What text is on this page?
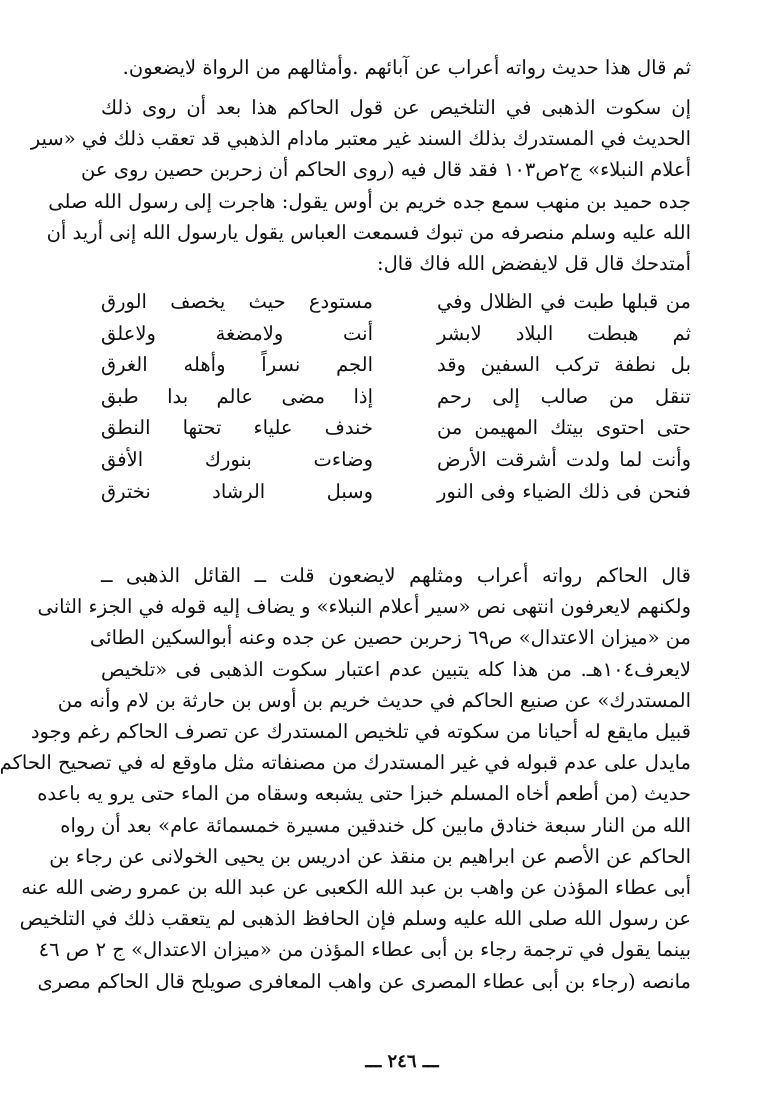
ثم قال هذا حديث رواته أعراب عن آبائهم .وأمثالهم من الرواة لايضعون.
إن سكوت الذهبى في التلخيص عن قول الحاكم هذا بعد أن روى ذلك
الحديث في المستدرك بذلك السند غير معتبر مادام الذهبي قد تعقب ذلك في «سير
أعلام النبلاء» ج٢ص١٠٣ فقد قال فيه (روى الحاكم أن زحربن حصين روى عن
جده حميد بن منهب سمع جده خريم بن أوس يقول: هاجرت إلى رسول الله صلى
الله عليه وسلم منصرفه من تبوك فسمعت العباس يقول يارسول الله إنى أريد أن
أمتدحك قال قل لايفضض الله فاك قال:
من قبلها طبت في الظلال وفي
مستودع حيث يخصف الورق
ثم هبطت البلاد لابشر
أنت ولامضغة ولاعلق
بل نطفة تركب السفين وقد
الجم نسراً وأهله الغرق
تنقل من صالب إلى رحم
إذا مضى عالم بدا طبق
حتى احتوى بيتك المهيمن من
خندف علياء تحتها النطق
وأنت لما ولدت أشرقت الأرض
وضاءت بنورك الأفق
فنحن فى ذلك الضياء وفى النور
وسبل الرشاد نخترق
قال الحاكم رواته أعراب ومثلهم لايضعون قلت ــ القائل الذهبى ــ
ولكنهم لايعرفون انتهى نص «سير أعلام النبلاء» و يضاف إليه قوله في الجزء الثانى
من «ميزان الاعتدال» ص٦٩ زحربن حصين عن جده وعنه أبوالسكين الطائى
لايعرف١٠٤هـ. من هذا كله يتبين عدم اعتبار سكوت الذهبى فى «تلخيص
المستدرك» عن صنيع الحاكم في حديث خريم بن أوس بن حارثة بن لام وأنه من
قبيل مايقع له أحيانا من سكوته في تلخيص المستدرك عن تصرف الحاكم رغم وجود
مايدل على عدم قبوله في غير المستدرك من مصنفاته مثل ماوقع له في تصحيح الحاكم
حديث (من أطعم أخاه المسلم خبزا حتى يشبعه وسقاه من الماء حتى يرو يه باعده
الله من النار سبعة خنادق مابين كل خندقين مسيرة خمسمائة عام» بعد أن رواه
الحاكم عن الأصم عن ابراهيم بن منقذ عن ادريس بن يحيى الخولانى عن رجاء بن
أبى عطاء المؤذن عن واهب بن عبد الله الكعبى عن عبد الله بن عمرو رضى الله عنه
عن رسول الله صلى الله عليه وسلم فإن الحافظ الذهبى لم يتعقب ذلك في التلخيص
بينما يقول في ترجمة رجاء بن أبى عطاء المؤذن من «ميزان الاعتدال» ج ٢ ص ٤٦
مانصه (رجاء بن أبى عطاء المصرى عن واهب المعافرى صويلح قال الحاكم مصرى
ـــ ٢٤٦ ـــ
